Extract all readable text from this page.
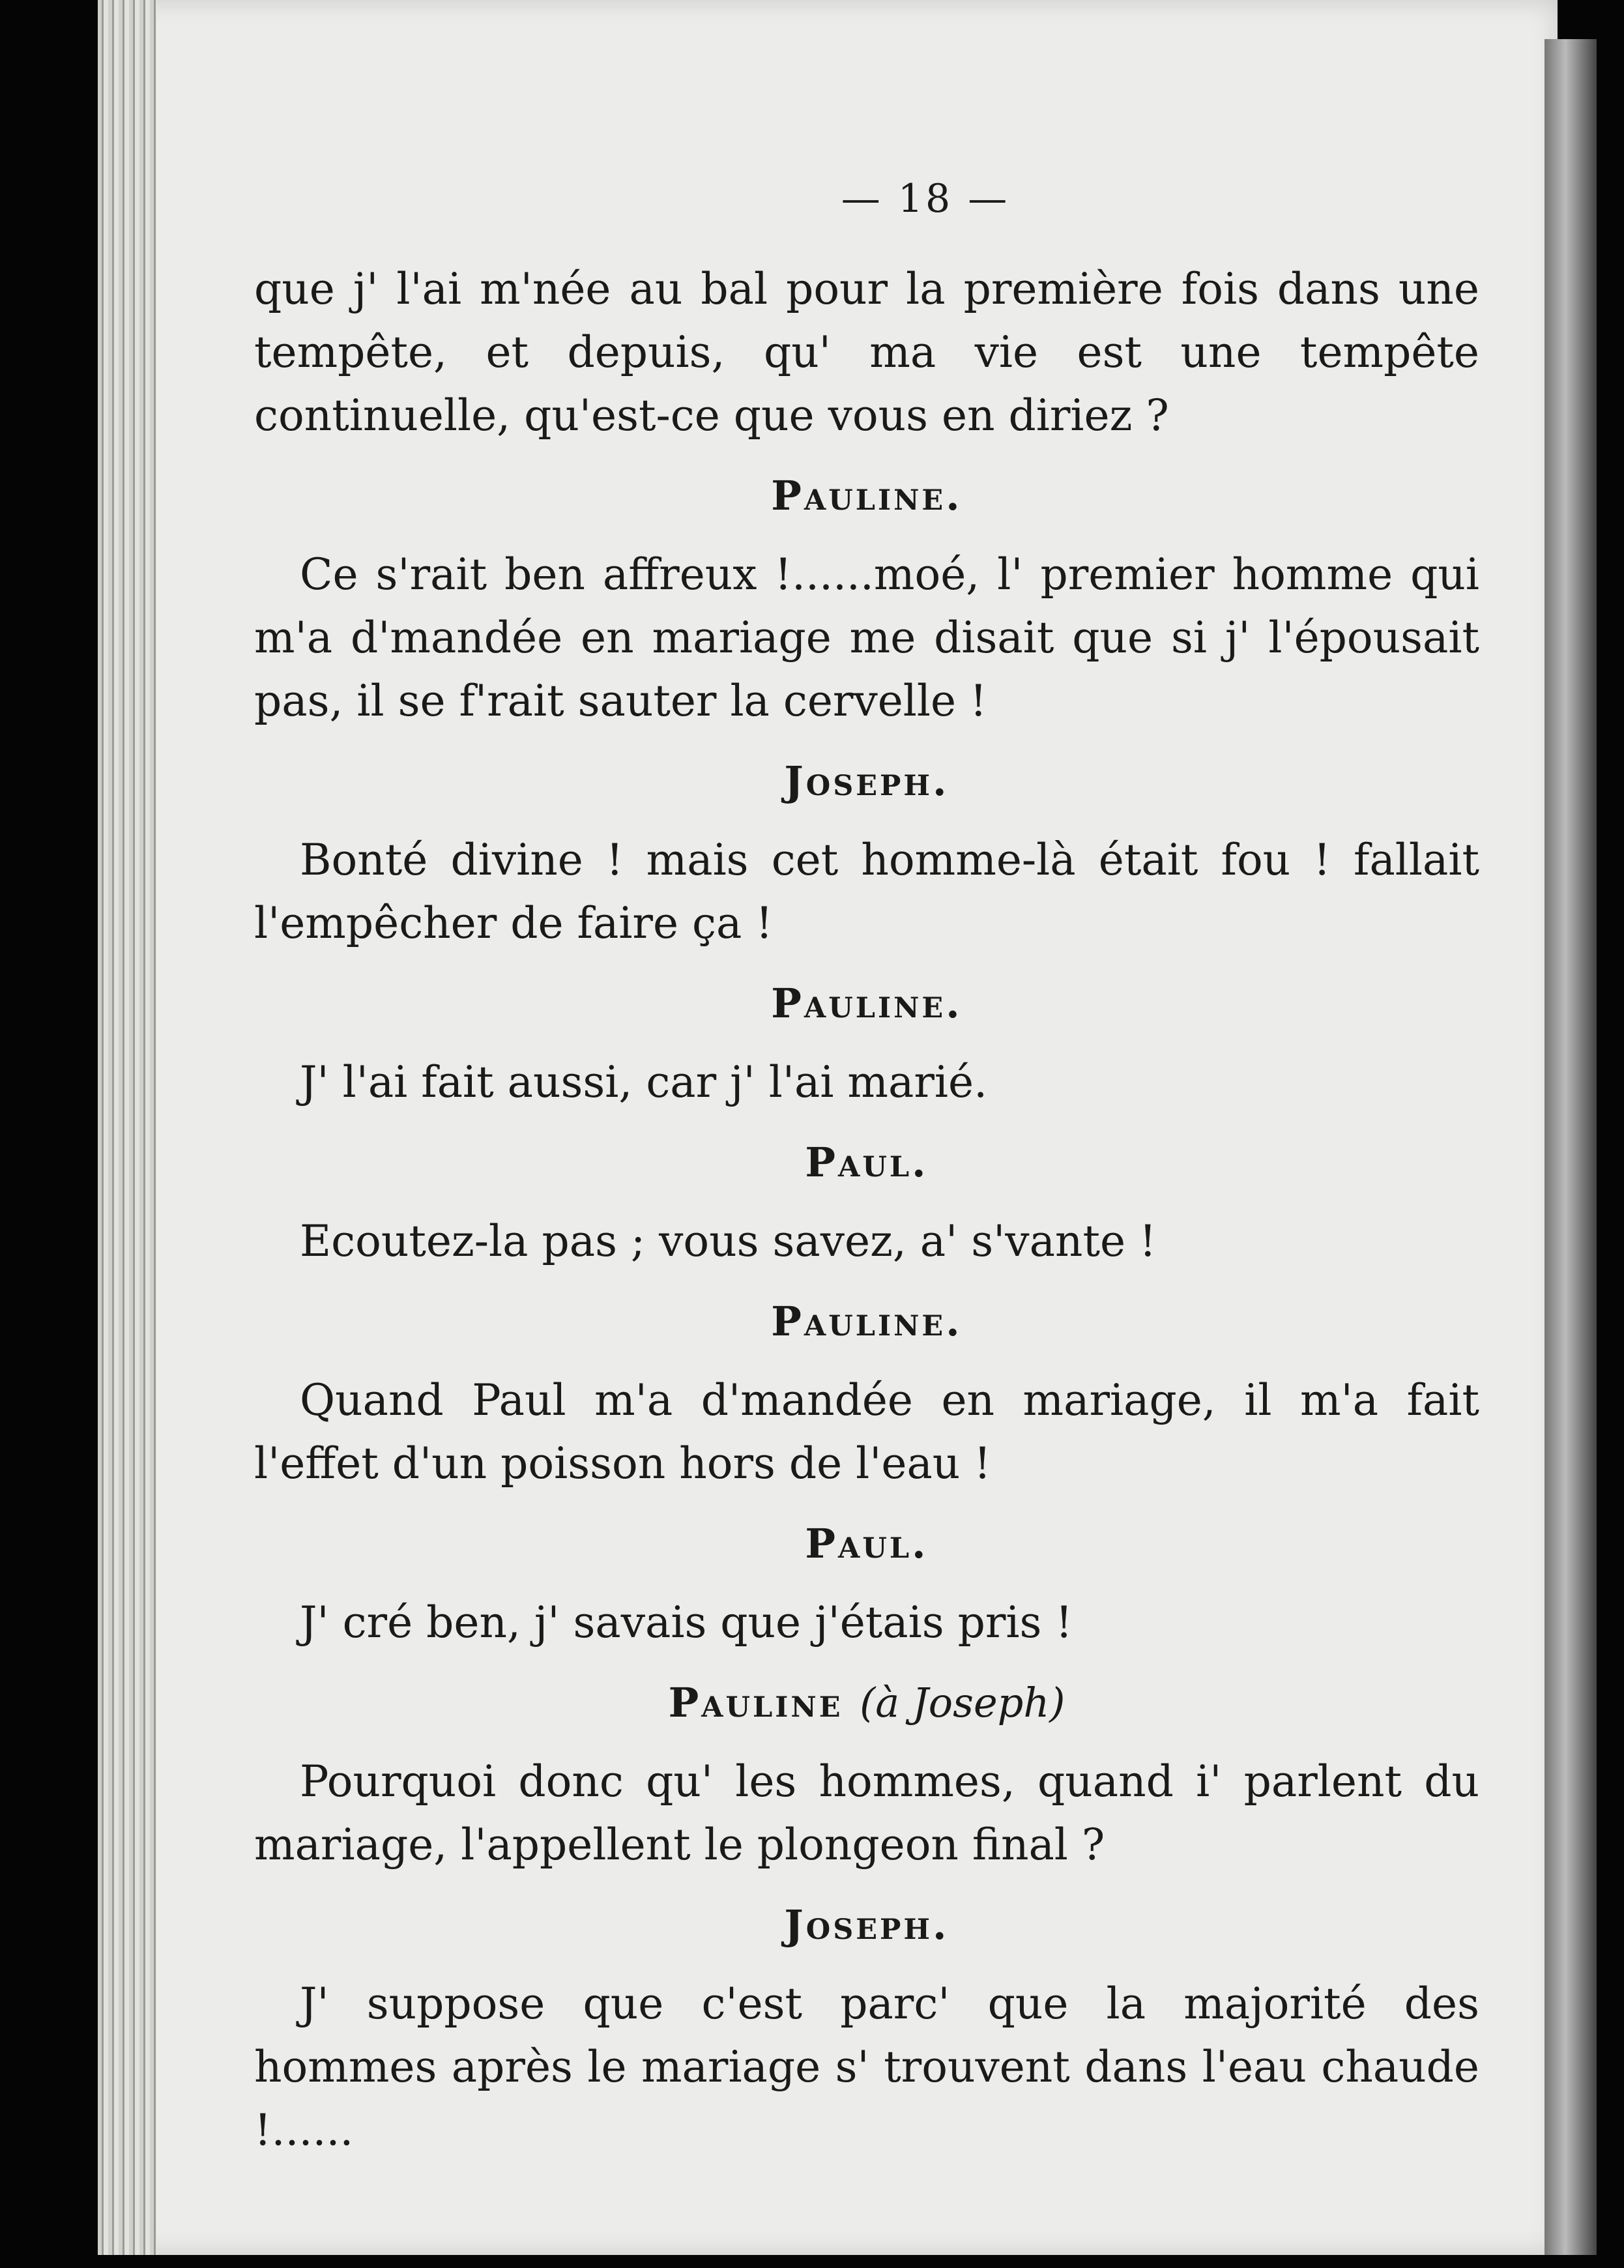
— 18 —

que j' l'ai m'née au bal pour la première fois dans une tempête, et depuis, qu' ma vie est une tempête continuelle, qu'est-ce que vous en diriez ?

Pauline.

Ce s'rait ben affreux !......moé, l' premier homme qui m'a d'mandée en mariage me disait que si j' l'épousait pas, il se f'rait sauter la cervelle !

Joseph.

Bonté divine ! mais cet homme-là était fou ! fallait l'empêcher de faire ça !

Pauline.

J' l'ai fait aussi, car j' l'ai marié.

Paul.

Ecoutez-la pas ; vous savez, a' s'vante !

Pauline.

Quand Paul m'a d'mandée en mariage, il m'a fait l'effet d'un poisson hors de l'eau !

Paul.

J' cré ben, j' savais que j'étais pris !

Pauline (à Joseph)

Pourquoi donc qu' les hommes, quand i' parlent du mariage, l'appellent le plongeon final ?

Joseph.

J' suppose que c'est parc' que la majorité des hommes après le mariage s' trouvent dans l'eau chaude !......
